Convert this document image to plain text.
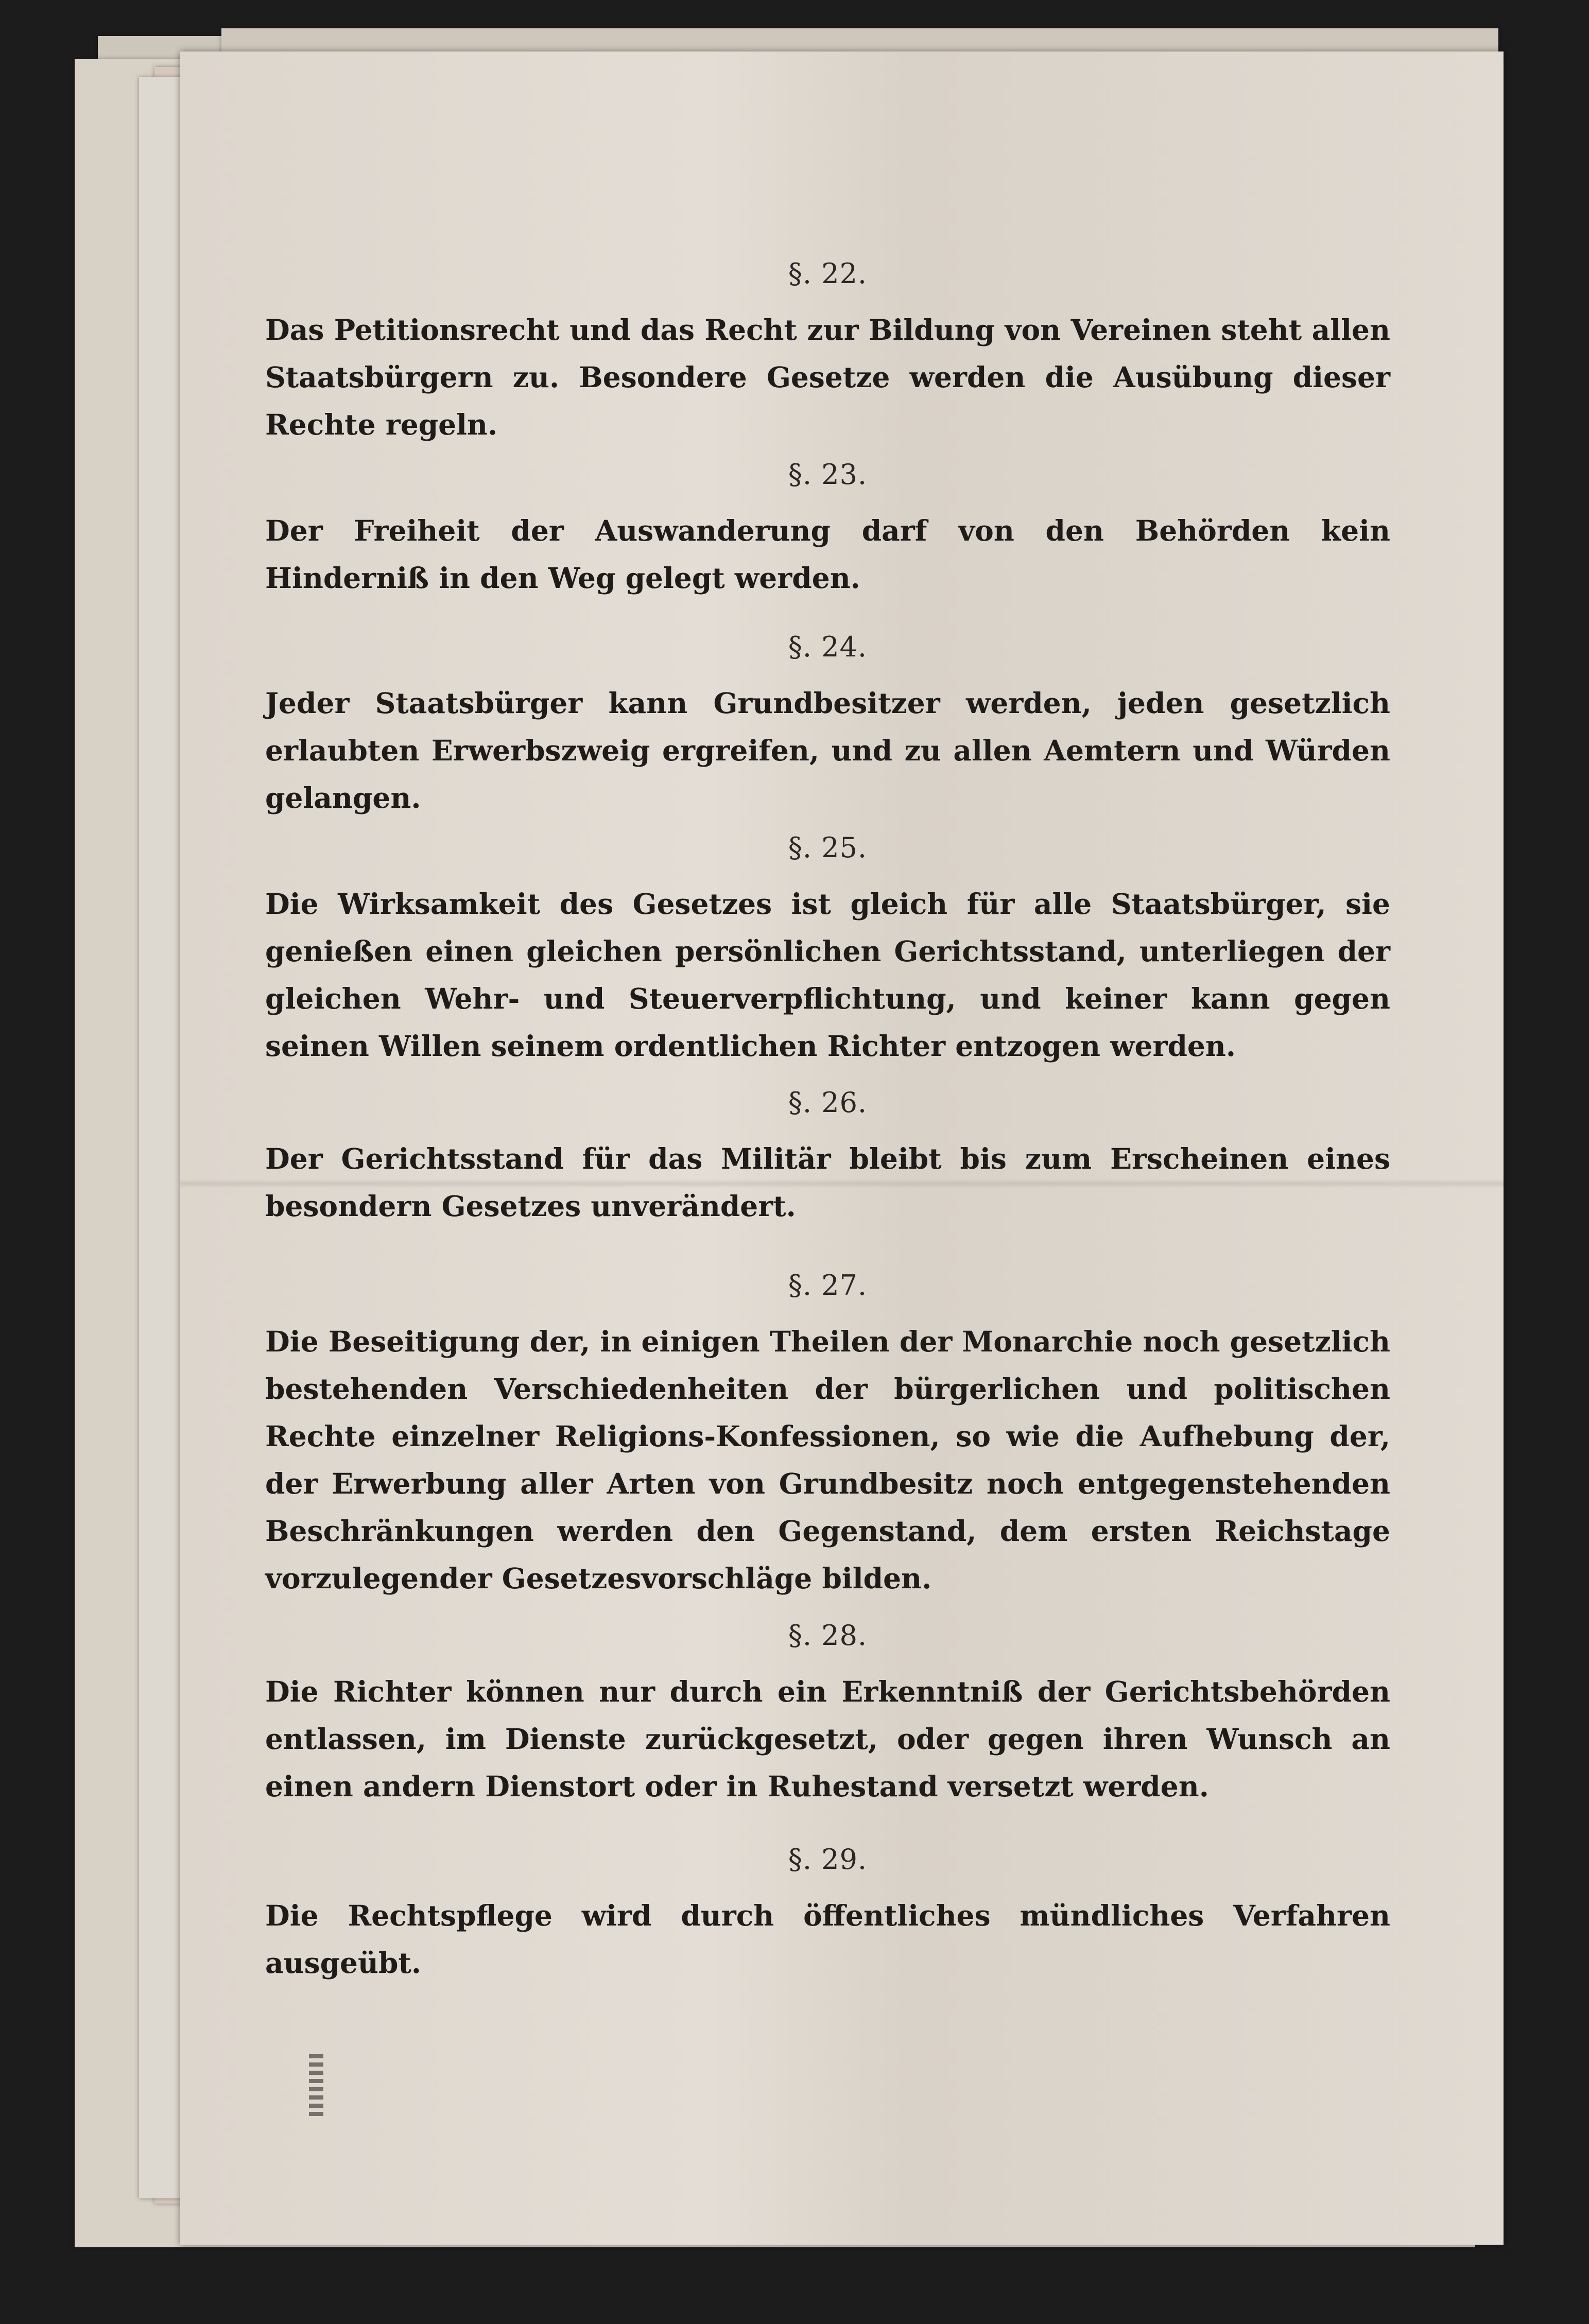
§. 22.

Das Petitionsrecht und das Recht zur Bildung von Vereinen steht allen Staatsbürgern zu. Besondere Gesetze werden die Ausübung dieser Rechte regeln.

§. 23.

Der Freiheit der Auswanderung darf von den Behörden kein Hinderniß in den Weg gelegt werden.

§. 24.

Jeder Staatsbürger kann Grundbesitzer werden, jeden gesetzlich erlaubten Erwerbszweig ergreifen, und zu allen Aemtern und Würden gelangen.

§. 25.

Die Wirksamkeit des Gesetzes ist gleich für alle Staatsbürger, sie genießen einen gleichen persönlichen Gerichtsstand, unterliegen der gleichen Wehr- und Steuerverpflichtung, und keiner kann gegen seinen Willen seinem ordentlichen Richter entzogen werden.

§. 26.

Der Gerichtsstand für das Militär bleibt bis zum Erscheinen eines besondern Gesetzes unverändert.

§. 27.

Die Beseitigung der, in einigen Theilen der Monarchie noch gesetzlich bestehenden Verschiedenheiten der bürgerlichen und politischen Rechte einzelner Religions-Konfessionen, so wie die Aufhebung der, der Erwerbung aller Arten von Grundbesitz noch entgegenstehenden Beschränkungen werden den Gegenstand, dem ersten Reichstage vorzulegender Gesetzesvorschläge bilden.

§. 28.

Die Richter können nur durch ein Erkenntniß der Gerichtsbehörden entlassen, im Dienste zurückgesetzt, oder gegen ihren Wunsch an einen andern Dienstort oder in Ruhestand versetzt werden.

§. 29.

Die Rechtspflege wird durch öffentliches mündliches Verfahren ausgeübt.
